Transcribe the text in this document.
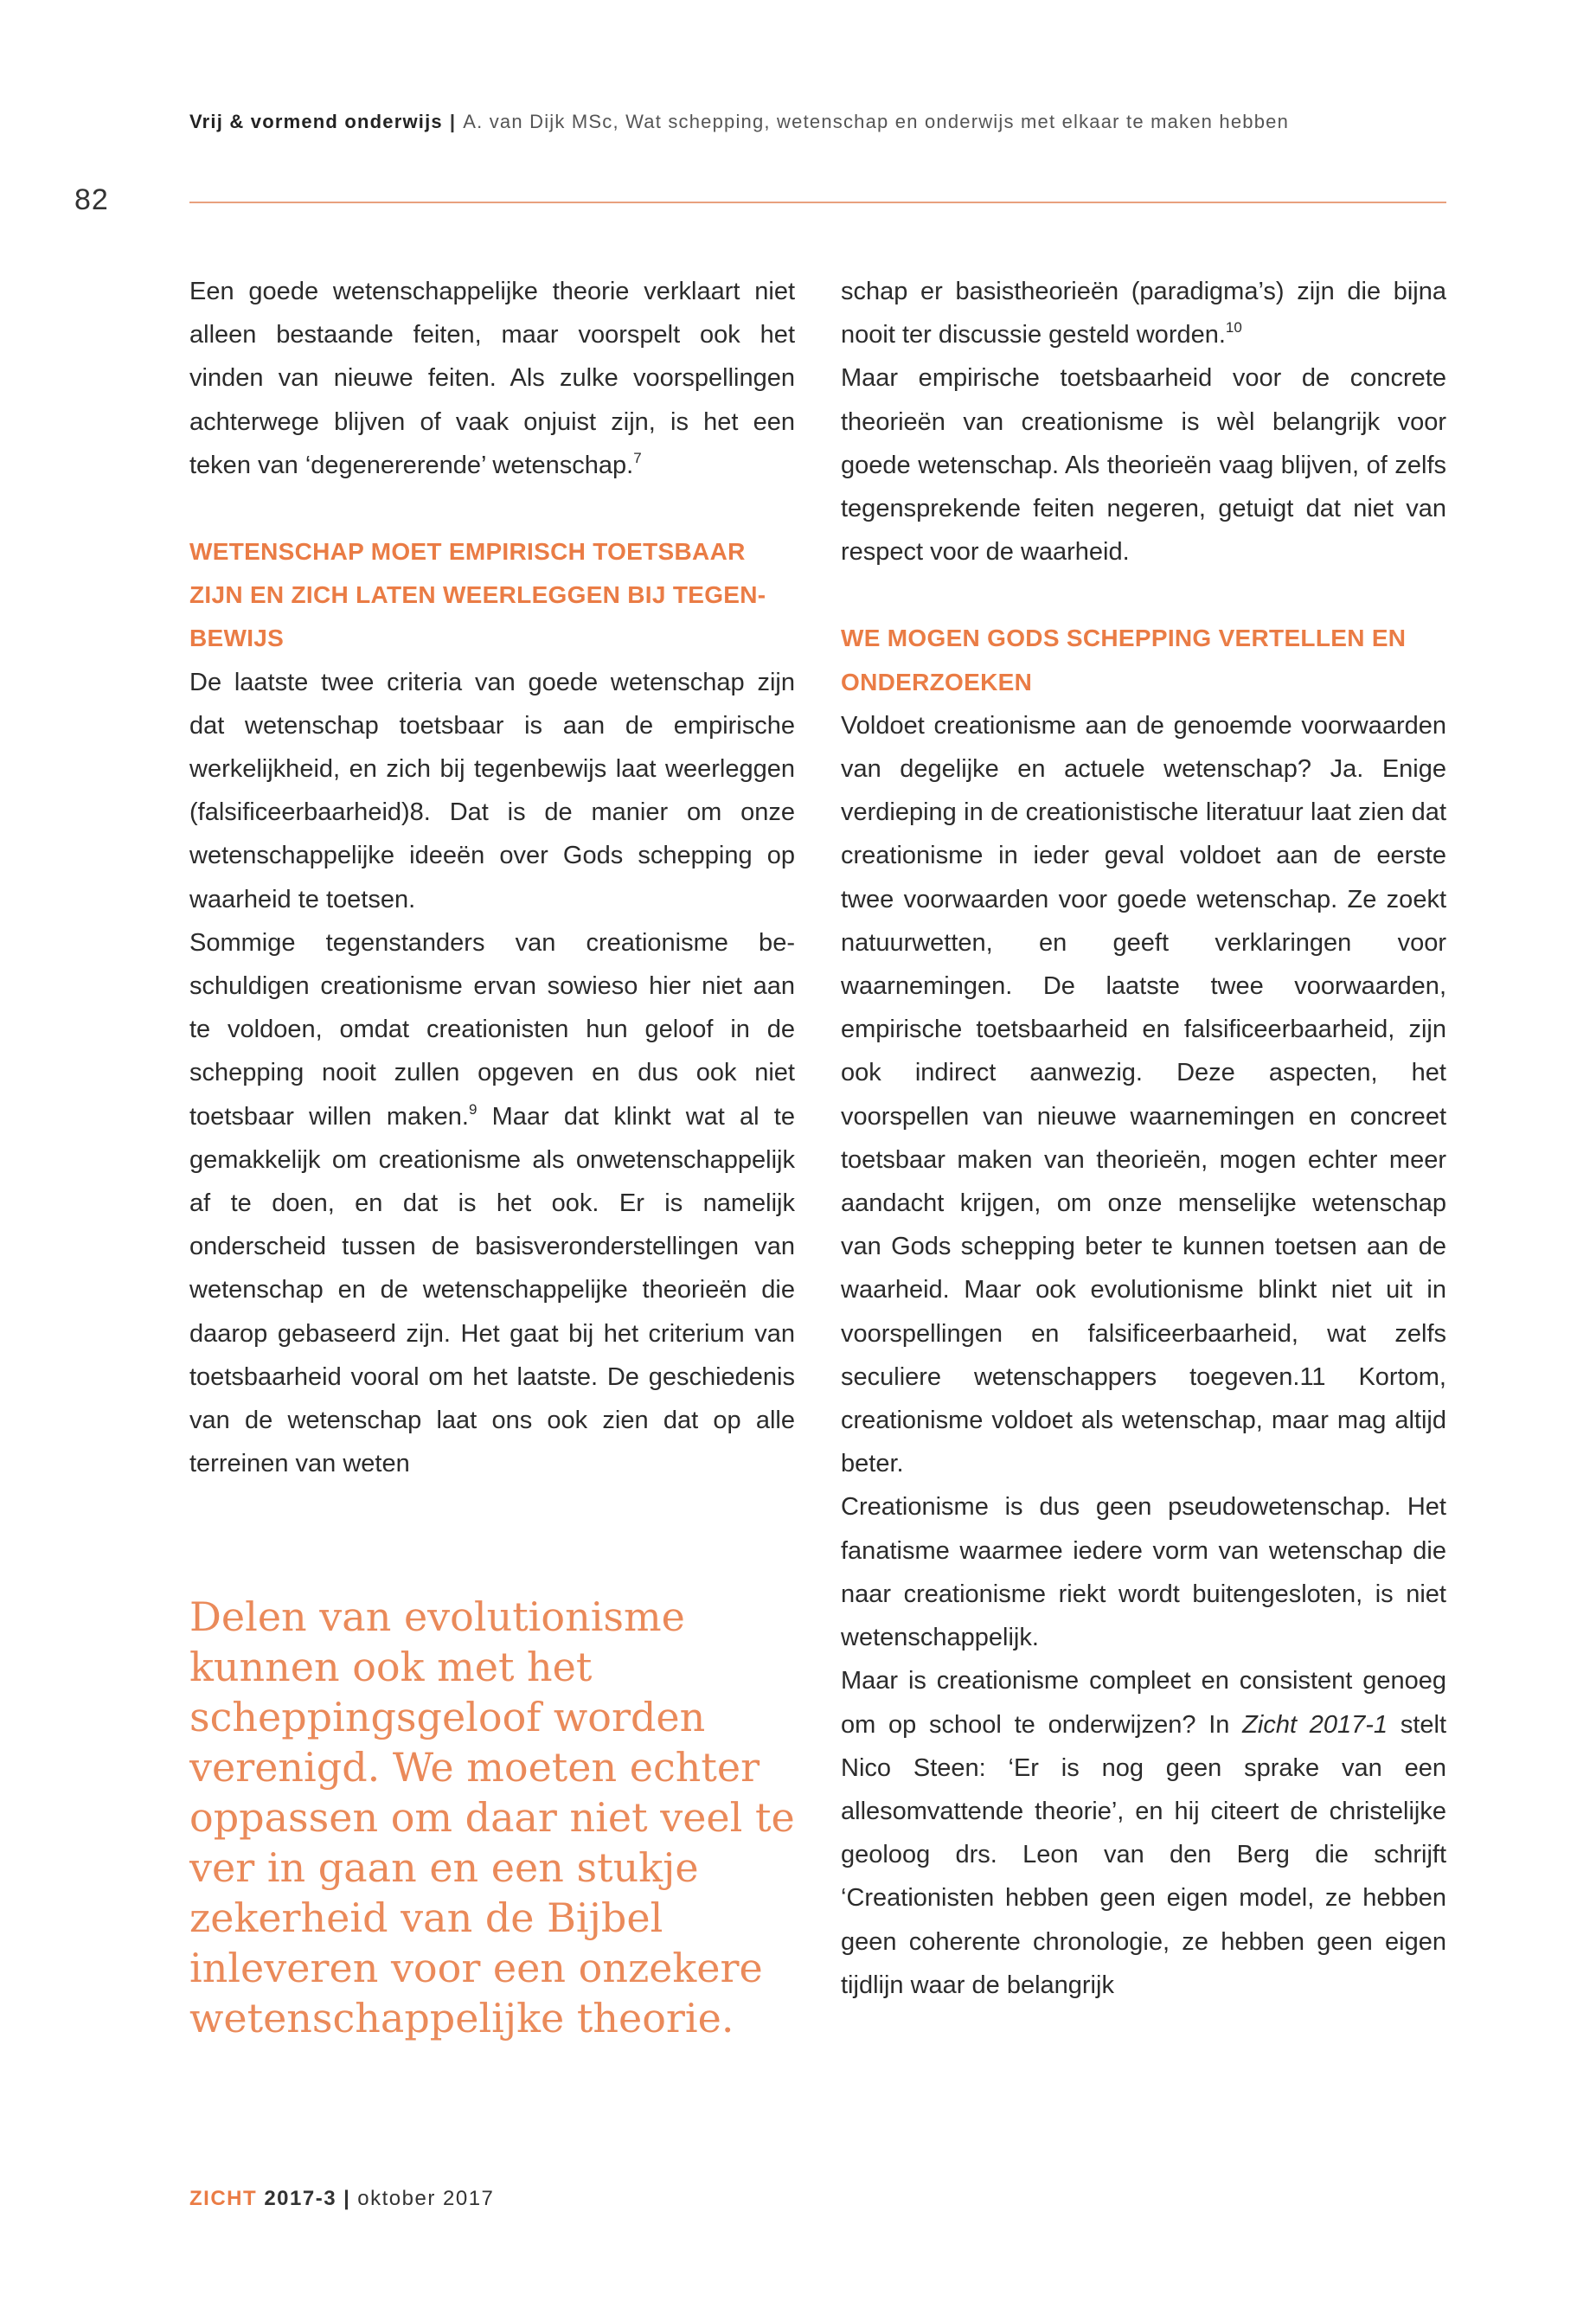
Vrij & vormend onderwijs | A. van Dijk MSc, Wat schepping, wetenschap en onderwijs met elkaar te maken hebben
82

Een goede wetenschappelijke theorie verklaart niet alleen bestaande feiten, maar voorspelt ook het vinden van nieuwe feiten. Als zulke voorspellingen achterwege blijven of vaak onjuist zijn, is het een teken van ‘degenererende’ wetenschap.$^7$

WETENSCHAP MOET EMPIRISCH TOETSBAAR ZIJN EN ZICH LATEN WEERLEGGEN BIJ TEGENBEWIJS

De laatste twee criteria van goede wetenschap zijn dat wetenschap toetsbaar is aan de empirische werkelijkheid, en zich bij tegenbewijs laat weerleggen (falsificeerbaarheid)8. Dat is de manier om onze wetenschappelijke ideeën over Gods schepping op waarheid te toetsen.

Sommige tegenstanders van creationisme beschuldigen creationisme ervan sowieso hier niet aan te voldoen, omdat creationisten hun geloof in de schepping nooit zullen opgeven en dus ook niet toetsbaar willen maken.$^9$ Maar dat klinkt wat al te gemakkelijk om creationisme als onwetenschappelijk af te doen, en dat is het ook. Er is namelijk onderscheid tussen de basisveronderstellingen van wetenschap en de wetenschappelijke theorieën die daarop gebaseerd zijn. Het gaat bij het criterium van toetsbaarheid vooral om het laatste. De geschiedenis van de wetenschap laat ons ook zien dat op alle terreinen van weten

Delen van evolutionisme kunnen ook met het scheppingsgeloof worden verenigd. We moeten echter oppassen om daar niet veel te ver in gaan en een stukje zekerheid van de Bijbel inleveren voor een onzekere wetenschappelijke theorie.

schap er basistheorieën (paradigma’s) zijn die bijna nooit ter discussie gesteld worden.$^{10}$

Maar empirische toetsbaarheid voor de concrete theorieën van creationisme is wèl belangrijk voor goede wetenschap. Als theorieën vaag blijven, of zelfs tegensprekende feiten negeren, getuigt dat niet van respect voor de waarheid.

WE MOGEN GODS SCHEPPING VERTELLEN EN ONDERZOEKEN

Voldoet creationisme aan de genoemde voorwaarden van degelijke en actuele wetenschap? Ja. Enige verdieping in de creationistische literatuur laat zien dat creationisme in ieder geval voldoet aan de eerste twee voorwaarden voor goede wetenschap. Ze zoekt natuurwetten, en geeft verklaringen voor waarnemingen. De laatste twee voorwaarden, empirische toetsbaarheid en falsificeerbaarheid, zijn ook indirect aanwezig. Deze aspecten, het voorspellen van nieuwe waarnemingen en concreet toetsbaar maken van theorieën, mogen echter meer aandacht krijgen, om onze menselijke wetenschap van Gods schepping beter te kunnen toetsen aan de waarheid. Maar ook evolutionisme blinkt niet uit in voorspellingen en falsificeerbaarheid, wat zelfs seculiere wetenschappers toegeven.11 Kortom, creationisme voldoet als wetenschap, maar mag altijd beter.

Creationisme is dus geen pseudowetenschap. Het fanatisme waarmee iedere vorm van wetenschap die naar creationisme riekt wordt buitengesloten, is niet wetenschappelijk.

Maar is creationisme compleet en consistent genoeg om op school te onderwijzen? In Zicht 2017-1 stelt Nico Steen: ‘Er is nog geen sprake van een allesomvattende theorie’, en hij citeert de christelijke geoloog drs. Leon van den Berg die schrijft ‘Creationisten hebben geen eigen model, ze hebben geen coherente chronologie, ze hebben geen eigen tijdlijn waar de belangrijk

ZICHT 2017-3 | oktober 2017
